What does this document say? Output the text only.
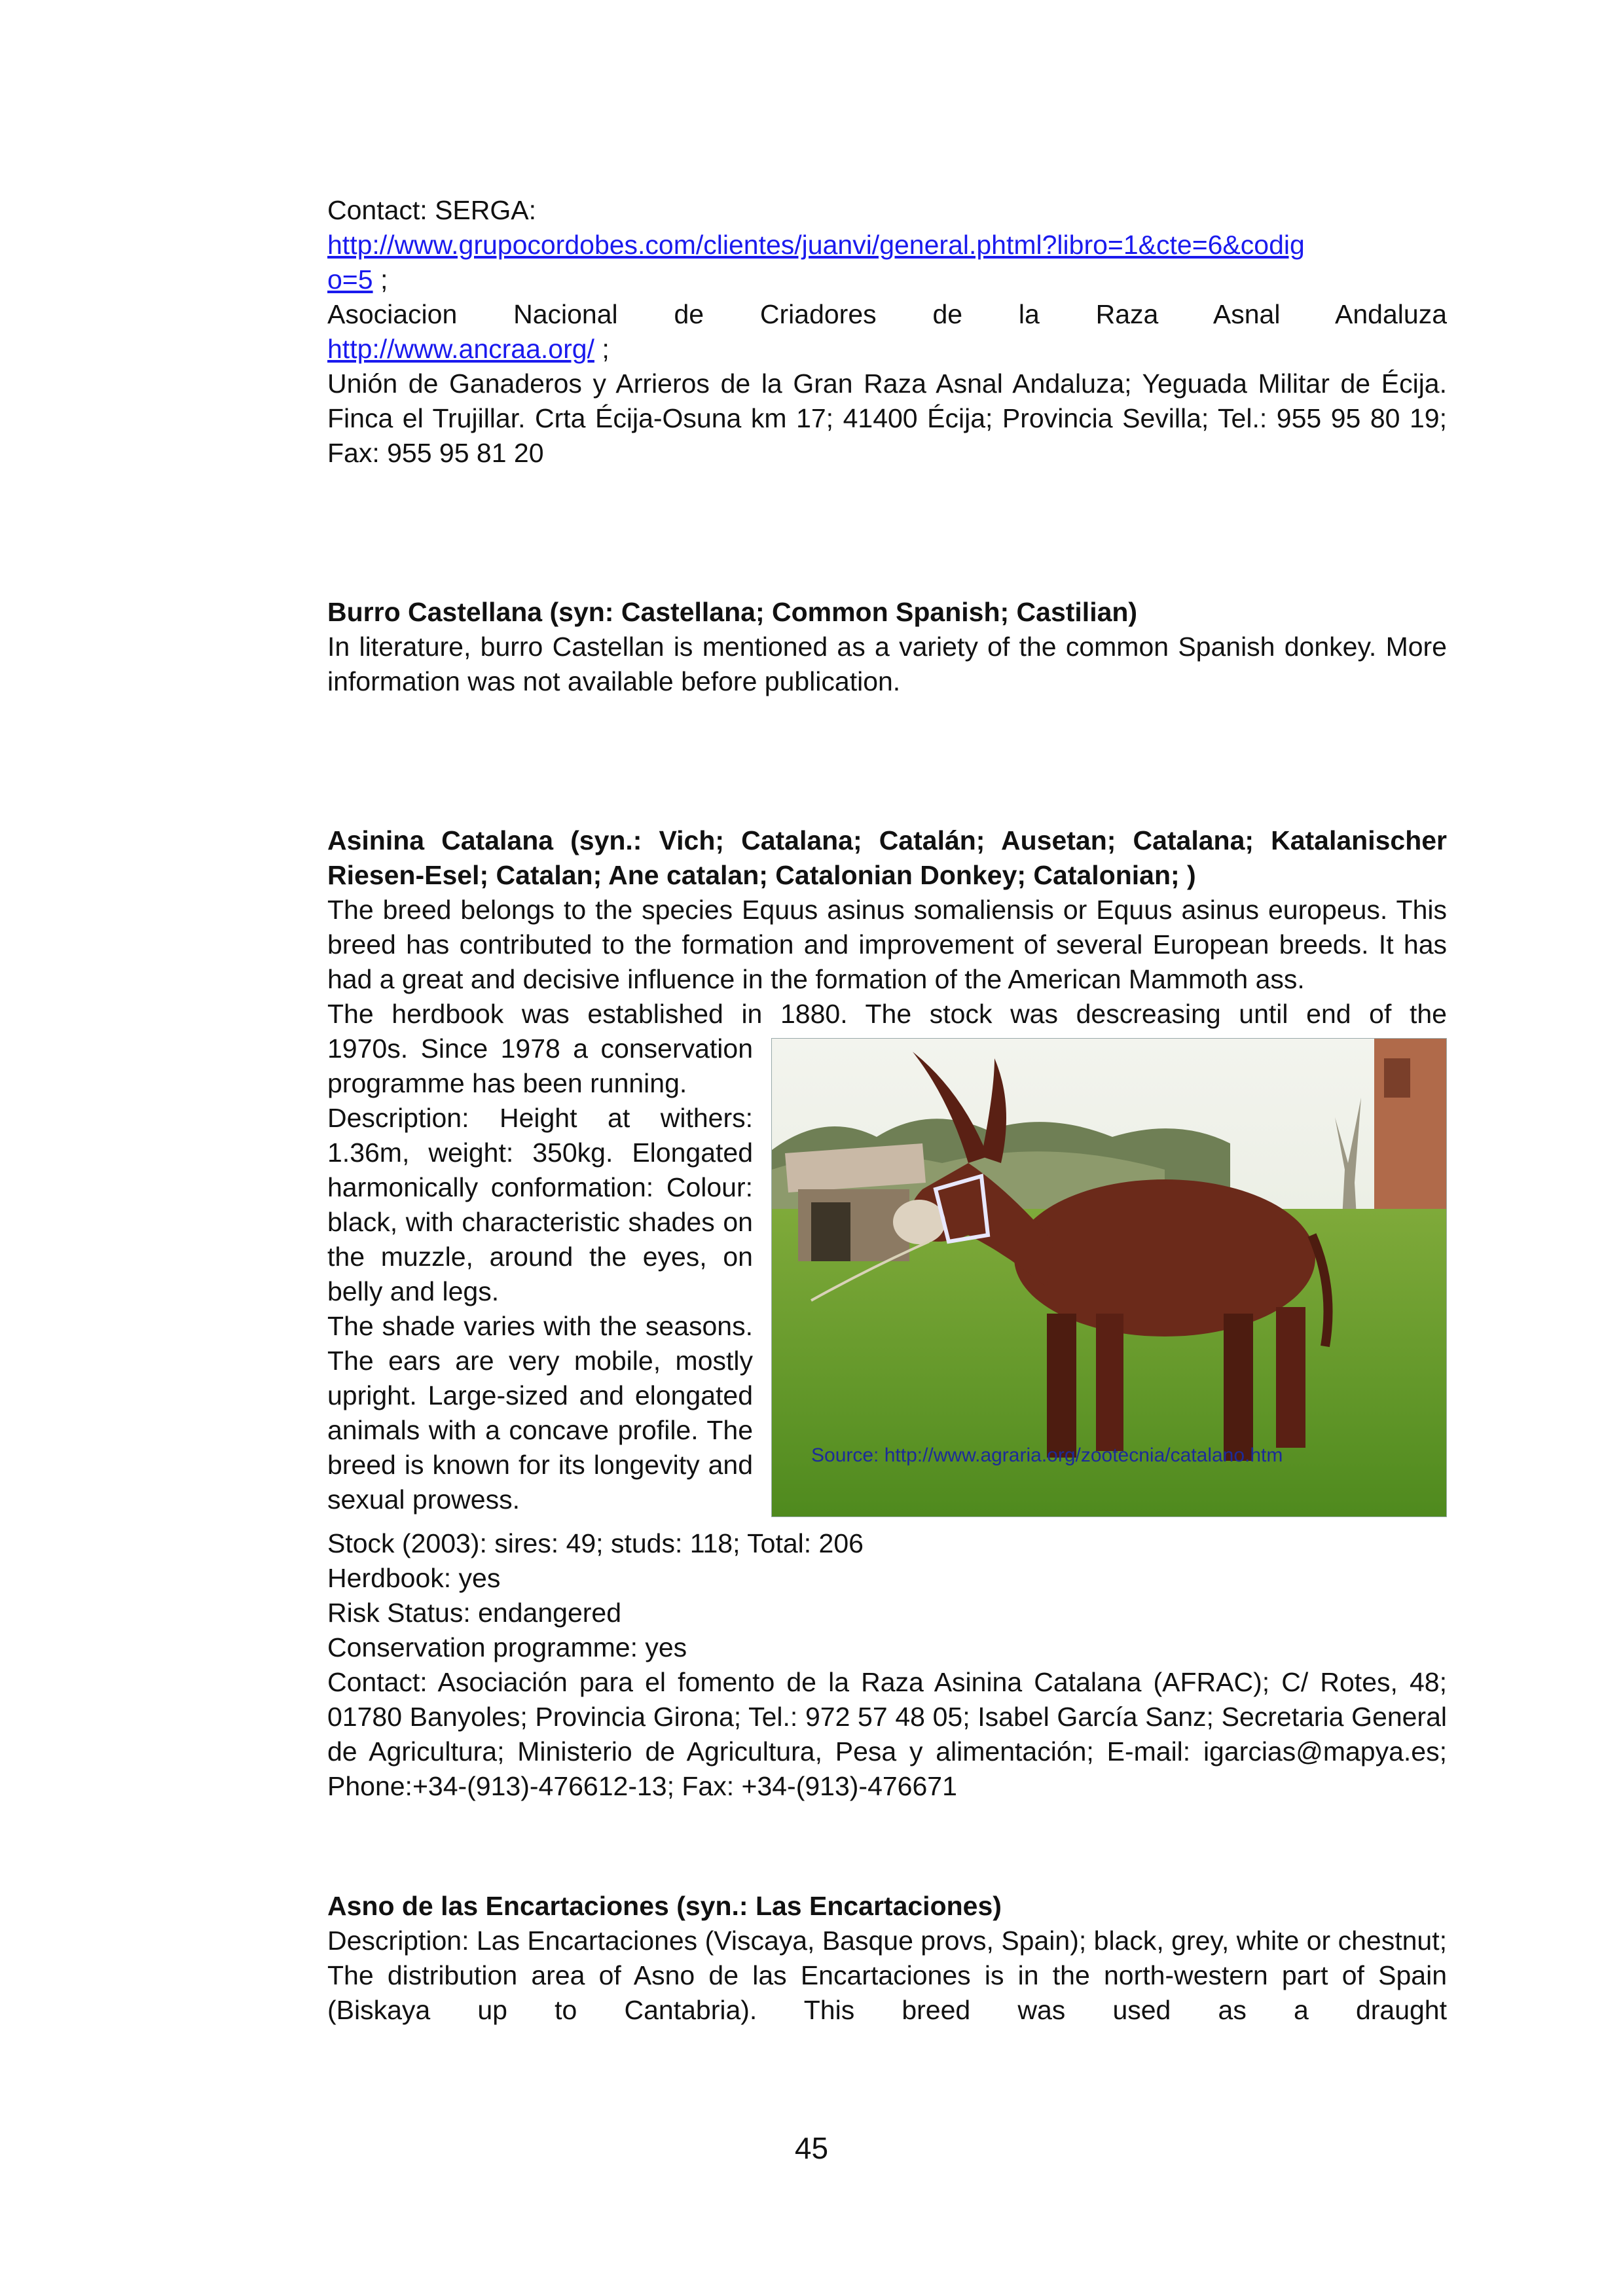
Contact: SERGA:

http://www.grupocordobes.com/clientes/juanvi/general.phtml?libro=1&cte=6&codig
o=5 ;

Asociacion Nacional de Criadores de la Raza Asnal Andaluza

http://www.ancraa.org/ ;

Unión de Ganaderos y Arrieros de la Gran Raza Asnal Andaluza; Yeguada Militar de Écija. Finca el Trujillar. Crta Écija-Osuna km 17; 41400 Écija; Provincia Sevilla; Tel.: 955 95 80 19; Fax: 955 95 81 20

Burro Castellana (syn: Castellana; Common Spanish; Castilian)

In literature, burro Castellan is mentioned as a variety of the common Spanish donkey. More information was not available before publication.

Asinina Catalana (syn.: Vich; Catalana; Catalán; Ausetan; Catalana; Katalanischer Riesen-Esel; Catalan; Ane catalan; Catalonian Donkey; Catalonian; )

The breed belongs to the species Equus asinus somaliensis or Equus asinus europeus. This breed has contributed to the formation and improvement of several European breeds. It has had a great and decisive influence in the formation of the American Mammoth ass.

The herdbook was established in 1880. The stock was descreasing until end of the

Source: http://www.agraria.org/zootecnia/catalano.htm

1970s. Since 1978 a conservation programme has been running.

Description: Height at withers: 1.36m, weight: 350kg. Elongated harmonically conformation: Colour: black, with characteristic shades on the muzzle, around the eyes, on belly and legs.

The shade varies with the seasons. The ears are very mobile, mostly upright. Large-sized and elongated animals with a concave profile. The breed is known for its longevity and sexual prowess.

Stock (2003): sires: 49; studs: 118; Total: 206

Herdbook: yes

Risk Status: endangered

Conservation programme: yes

Contact: Asociación para el fomento de la Raza Asinina Catalana (AFRAC); C/ Rotes, 48; 01780 Banyoles; Provincia Girona; Tel.: 972 57 48 05; Isabel García Sanz; Secretaria General de Agricultura; Ministerio de Agricultura, Pesa y alimentación; E-mail: igarcias@mapya.es; Phone:+34-(913)-476612-13; Fax: +34-(913)-476671

Asno de las Encartaciones (syn.: Las Encartaciones)

Description: Las Encartaciones (Viscaya, Basque provs, Spain); black, grey, white or chestnut; The distribution area of Asno de las Encartaciones is in the north-western part of Spain (Biskaya up to Cantabria). This breed was used as a draught

45
